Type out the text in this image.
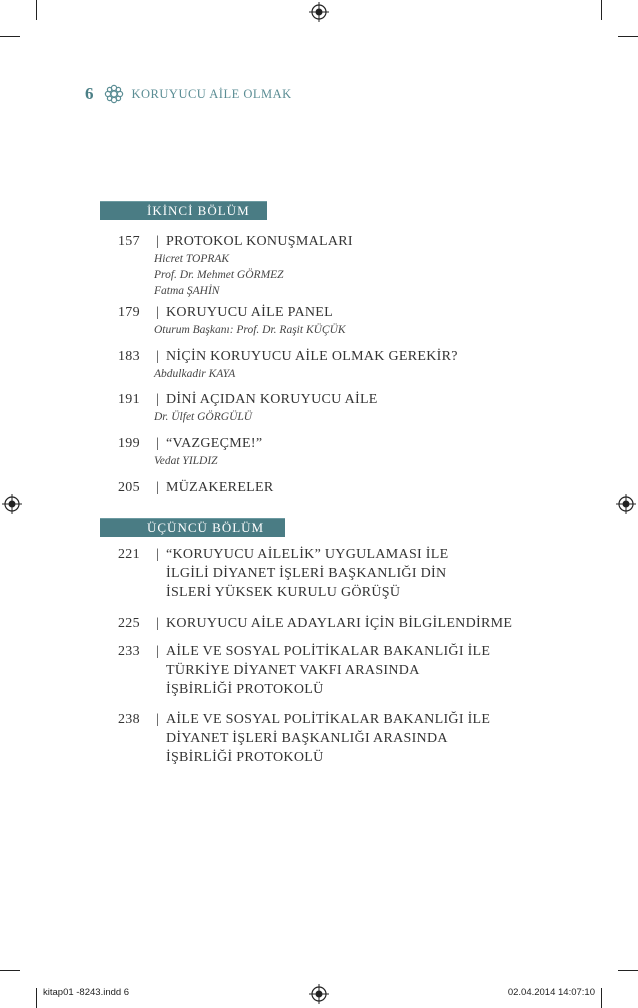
6	KORUYUCU AİLE OLMAK
İKİNCİ BÖLÜM
157	| PROTOKOL KONUŞMALARI
Hicret TOPRAK
Prof. Dr. Mehmet GÖRMEZ
Fatma ŞAHİN
179	| KORUYUCU AİLE PANEL
Oturum Başkanı: Prof. Dr. Raşit KÜÇÜK
183	| NİÇİN KORUYUCU AİLE OLMAK GEREKİR?
Abdulkadir KAYA
191	| DİNİ AÇIDAN KORUYUCU AİLE
Dr. Ülfet GÖRGÜLÜ
199	| “VAZGEÇME!”
Vedat YILDIZ
205	| MÜZAKERELER
ÜÇÜNCÜ BÖLÜM
221	| “KORUYUCU AİLELİK” UYGULAMASI İLE
İLGİLİ DİYANET İŞLERİ BAŞKANLIĞI DİN
İSLERİ YÜKSEK KURULU GÖRÜŞÜ
225	| KORUYUCU AİLE ADAYLARI İÇİN BİLGİLENDİRME
233	| AİLE VE SOSYAL POLİTİKALAR BAKANLIĞI İLE
TÜRKİYE DİYANET VAKFI ARASINDA
İŞBİRLİĞİ PROTOKOLÜ
238	| AİLE VE SOSYAL POLİTİKALAR BAKANLIĞI İLE
DİYANET İŞLERİ BAŞKANLIĞI ARASINDA
İŞBİRLİĞİ PROTOKOLÜ
kitap01 -8243.indd 6	02.04.2014 14:07:10
